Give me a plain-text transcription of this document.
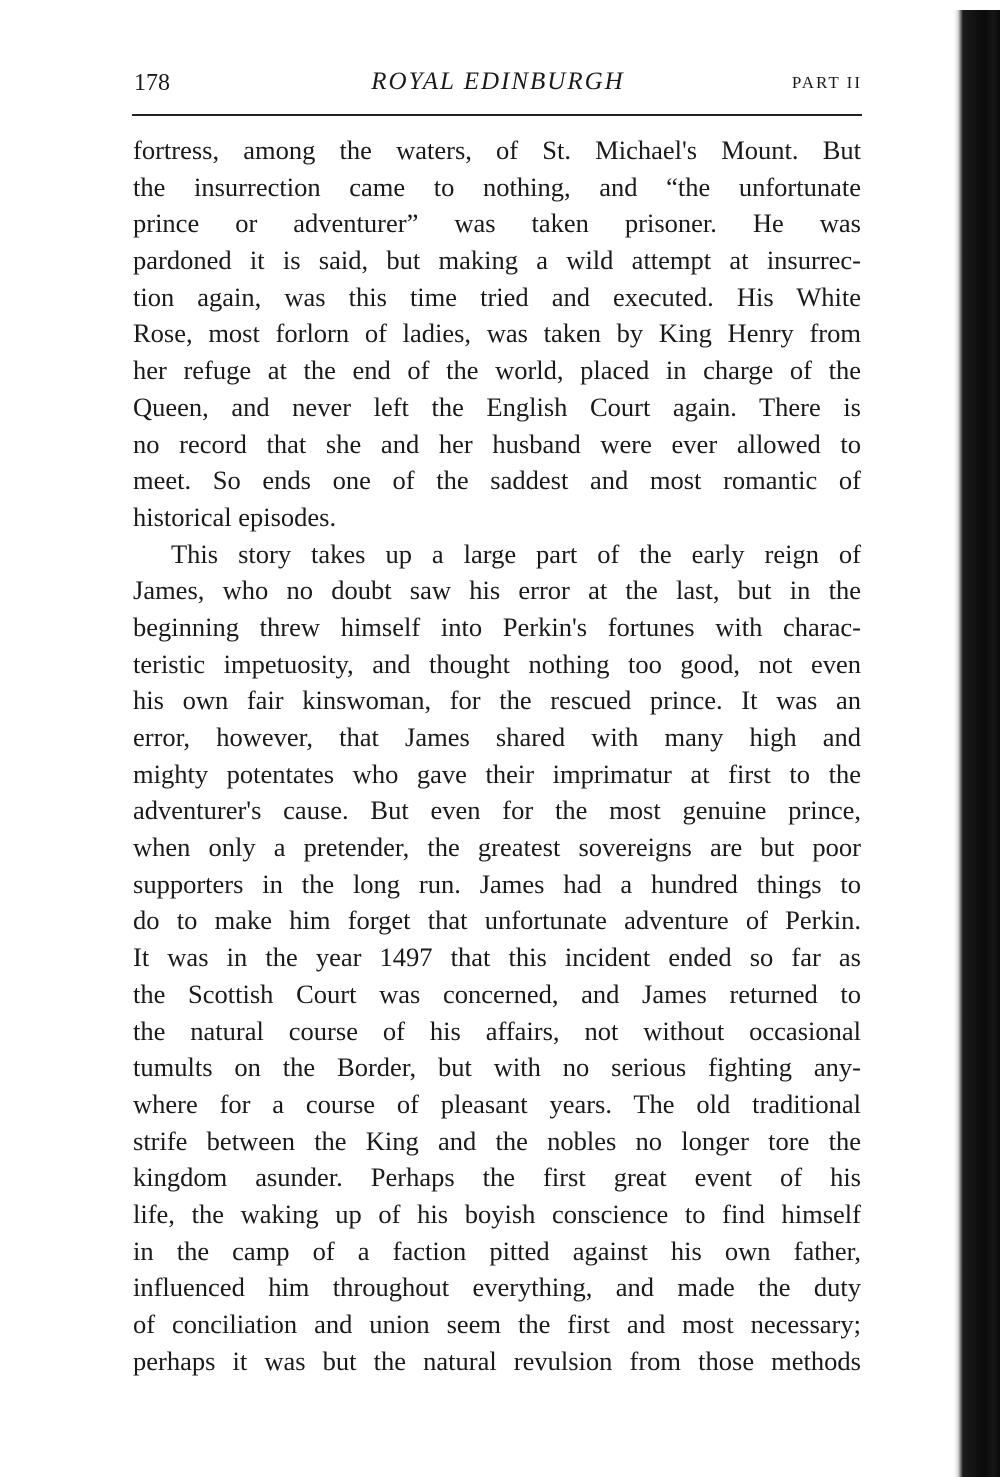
178	ROYAL EDINBURGH	PART II
fortress, among the waters, of St. Michael's Mount. But
the insurrection came to nothing, and “the unfortunate
prince or adventurer” was taken prisoner. He was
pardoned it is said, but making a wild attempt at insurrec-
tion again, was this time tried and executed. His White
Rose, most forlorn of ladies, was taken by King Henry from
her refuge at the end of the world, placed in charge of the
Queen, and never left the English Court again. There is
no record that she and her husband were ever allowed to
meet. So ends one of the saddest and most romantic of
historical episodes.
This story takes up a large part of the early reign of
James, who no doubt saw his error at the last, but in the
beginning threw himself into Perkin's fortunes with charac-
teristic impetuosity, and thought nothing too good, not even
his own fair kinswoman, for the rescued prince. It was an
error, however, that James shared with many high and
mighty potentates who gave their imprimatur at first to the
adventurer's cause. But even for the most genuine prince,
when only a pretender, the greatest sovereigns are but poor
supporters in the long run. James had a hundred things to
do to make him forget that unfortunate adventure of Perkin.
It was in the year 1497 that this incident ended so far as
the Scottish Court was concerned, and James returned to
the natural course of his affairs, not without occasional
tumults on the Border, but with no serious fighting any-
where for a course of pleasant years. The old traditional
strife between the King and the nobles no longer tore the
kingdom asunder. Perhaps the first great event of his
life, the waking up of his boyish conscience to find himself
in the camp of a faction pitted against his own father,
influenced him throughout everything, and made the duty
of conciliation and union seem the first and most necessary;
perhaps it was but the natural revulsion from those methods
